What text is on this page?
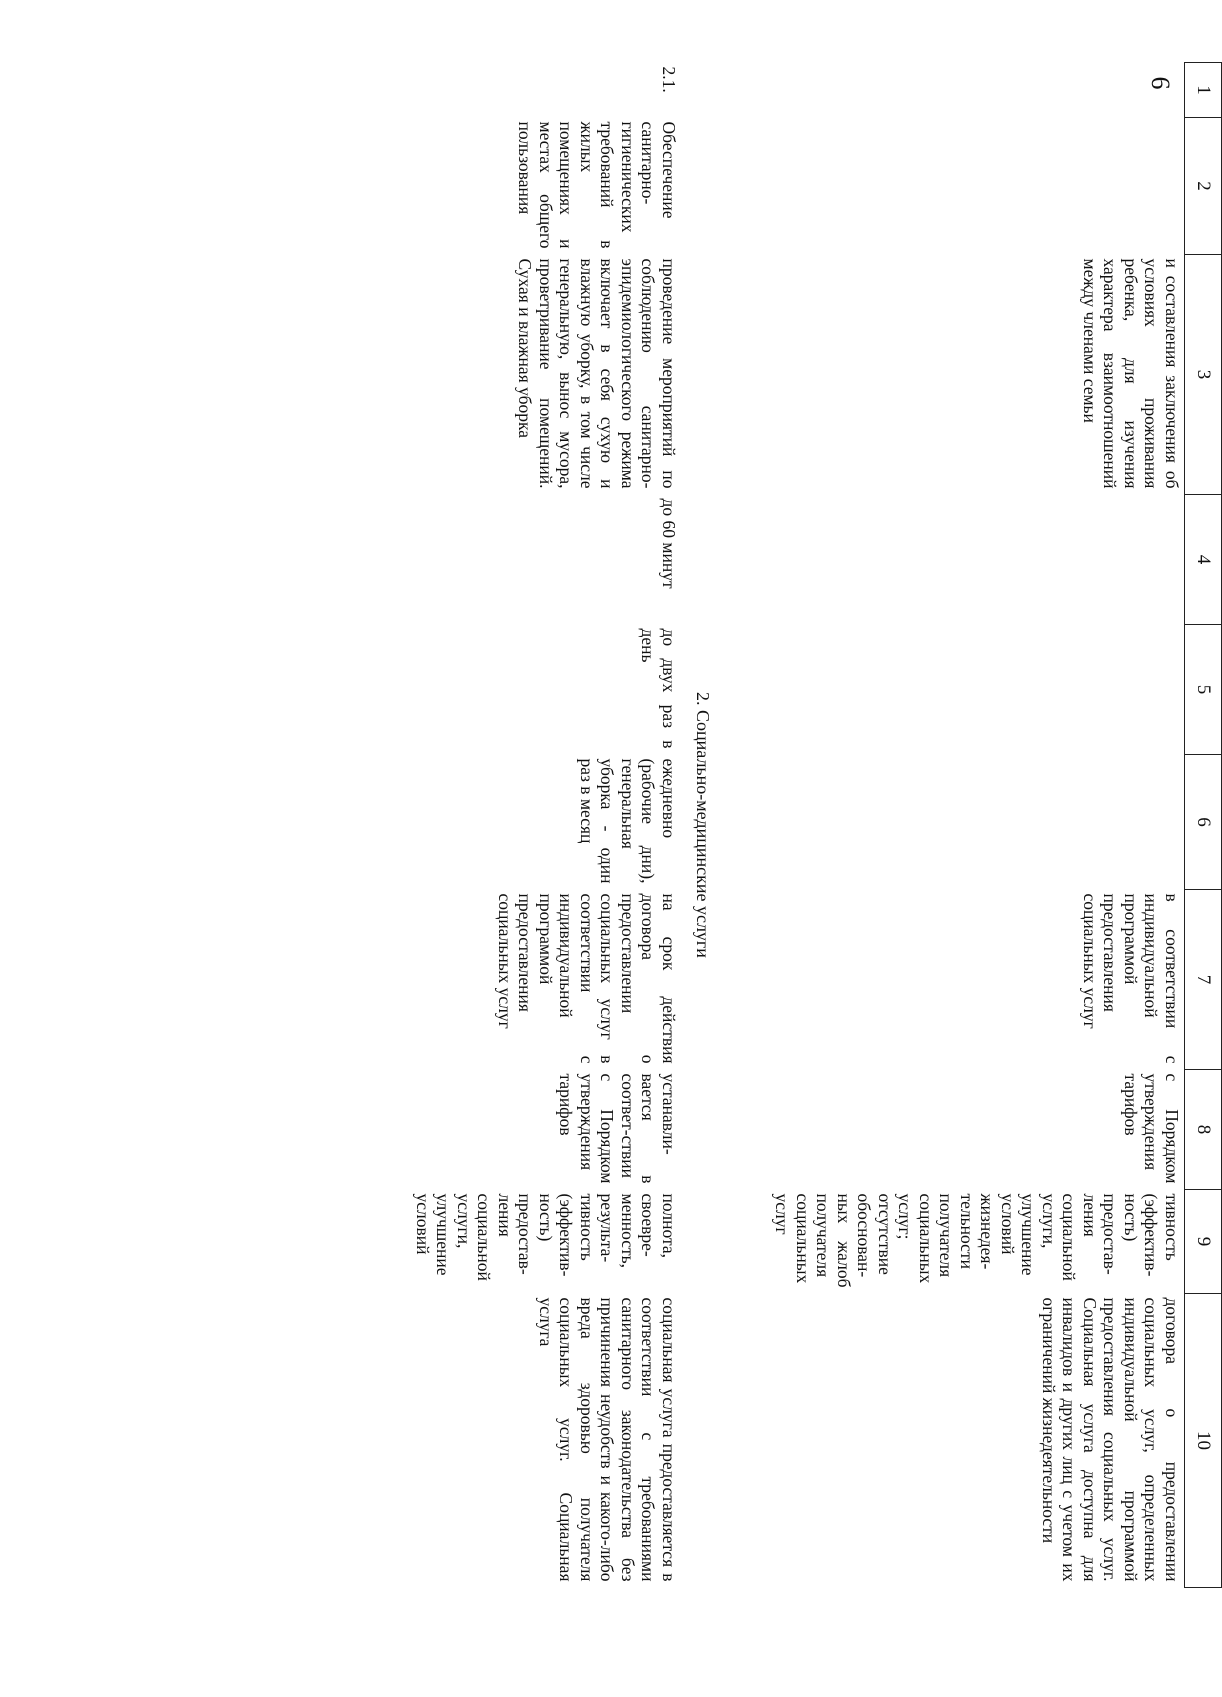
6
1	2	3	4	5	6	7	8	9	10
		и составления заключения об условиях проживания ребенка, для изучения характера взаимоотношений между членами семьи				в соответствии с индивидуальной программой предоставления социальных услуг	с Порядком утверждения тарифов	тивность (эффектив-ность) предостав-ления социальной услуги, улучшение условий жизнедея-тельности получателя социальных услуг; отсутствие обоснован-ных жалоб получателя социальных услуг	договора о предоставлении социальных услуг, определенных индивидуальной программой предоставления социальных услуг. Социальная услуга доступна для инвалидов и других лиц с учетом их ограничений жизнедеятельности
2. Социально-медицинские услуги									
2.1.	Обеспечение санитарно-гигиенических требований в жилых помещениях и местах общего пользования	проведение мероприятий по соблюдению санитарно-эпидемиологического режима включает в себя сухую и влажную уборку, в том числе генеральную, вынос мусора, проветривание помещений. Сухая и влажная уборка	до 60 минут	до двух раз в день	ежедневно (рабочие дни), генеральная уборка - один раз в месяц	на срок действия договора о предоставлении социальных услуг в соответствии с индивидуальной программой предоставления социальных услуг	устанавли-вается в соответ-ствии с Порядком утверждения тарифов	полнота, своевре-менность, результа-тивность (эффектив-ность) предостав-ления социальной услуги, улучшение условий	социальная услуга предоставляется в соответствии с требованиями санитарного законодательства без причинения неудобств и какого-либо вреда здоровью получателя социальных услуг. Социальная услуга
